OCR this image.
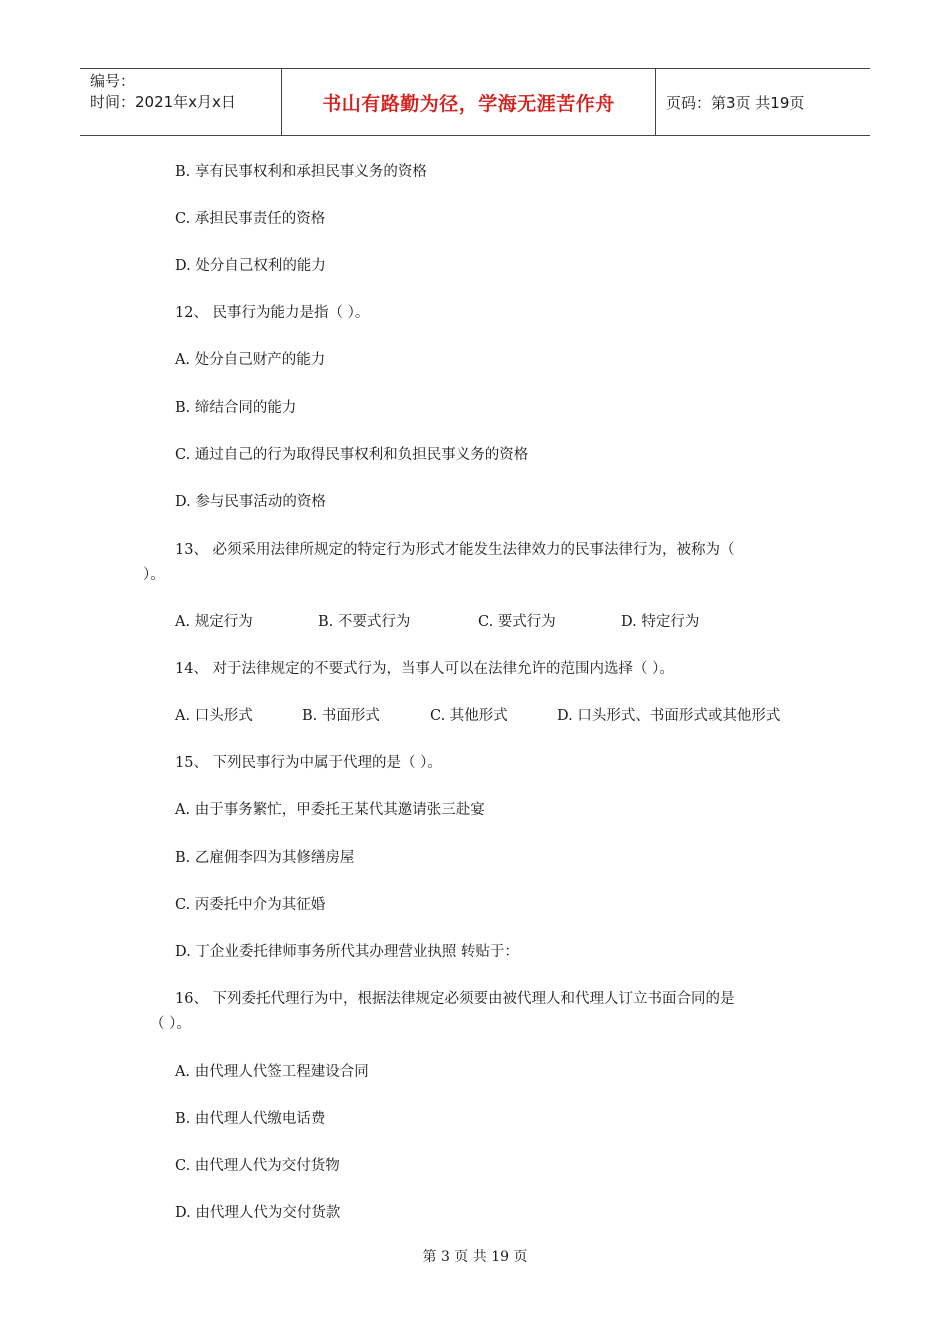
编号：
时间：2021年x月x日	书山有路勤为径，学海无涯苦作舟	页码：第3页 共19页
B. 享有民事权利和承担民事义务的资格
C. 承担民事责任的资格
D. 处分自己权利的能力
12、 民事行为能力是指（ ）。
A. 处分自己财产的能力
B. 缔结合同的能力
C. 通过自己的行为取得民事权利和负担民事义务的资格
D. 参与民事活动的资格
13、 必须采用法律所规定的特定行为形式才能发生法律效力的民事法律行为，被称为（
）。
A. 规定行为	B. 不要式行为	C. 要式行为	D. 特定行为
14、 对于法律规定的不要式行为，当事人可以在法律允许的范围内选择（ ）。
A. 口头形式	B. 书面形式	C. 其他形式	D. 口头形式、书面形式或其他形式
15、 下列民事行为中属于代理的是（ ）。
A. 由于事务繁忙，甲委托王某代其邀请张三赴宴
B. 乙雇佣李四为其修缮房屋
C. 丙委托中介为其征婚
D. 丁企业委托律师事务所代其办理营业执照 转贴于：
16、 下列委托代理行为中，根据法律规定必须要由被代理人和代理人订立书面合同的是
（ ）。
A. 由代理人代签工程建设合同
B. 由代理人代缴电话费
C. 由代理人代为交付货物
D. 由代理人代为交付货款
第 3 页 共 19 页
